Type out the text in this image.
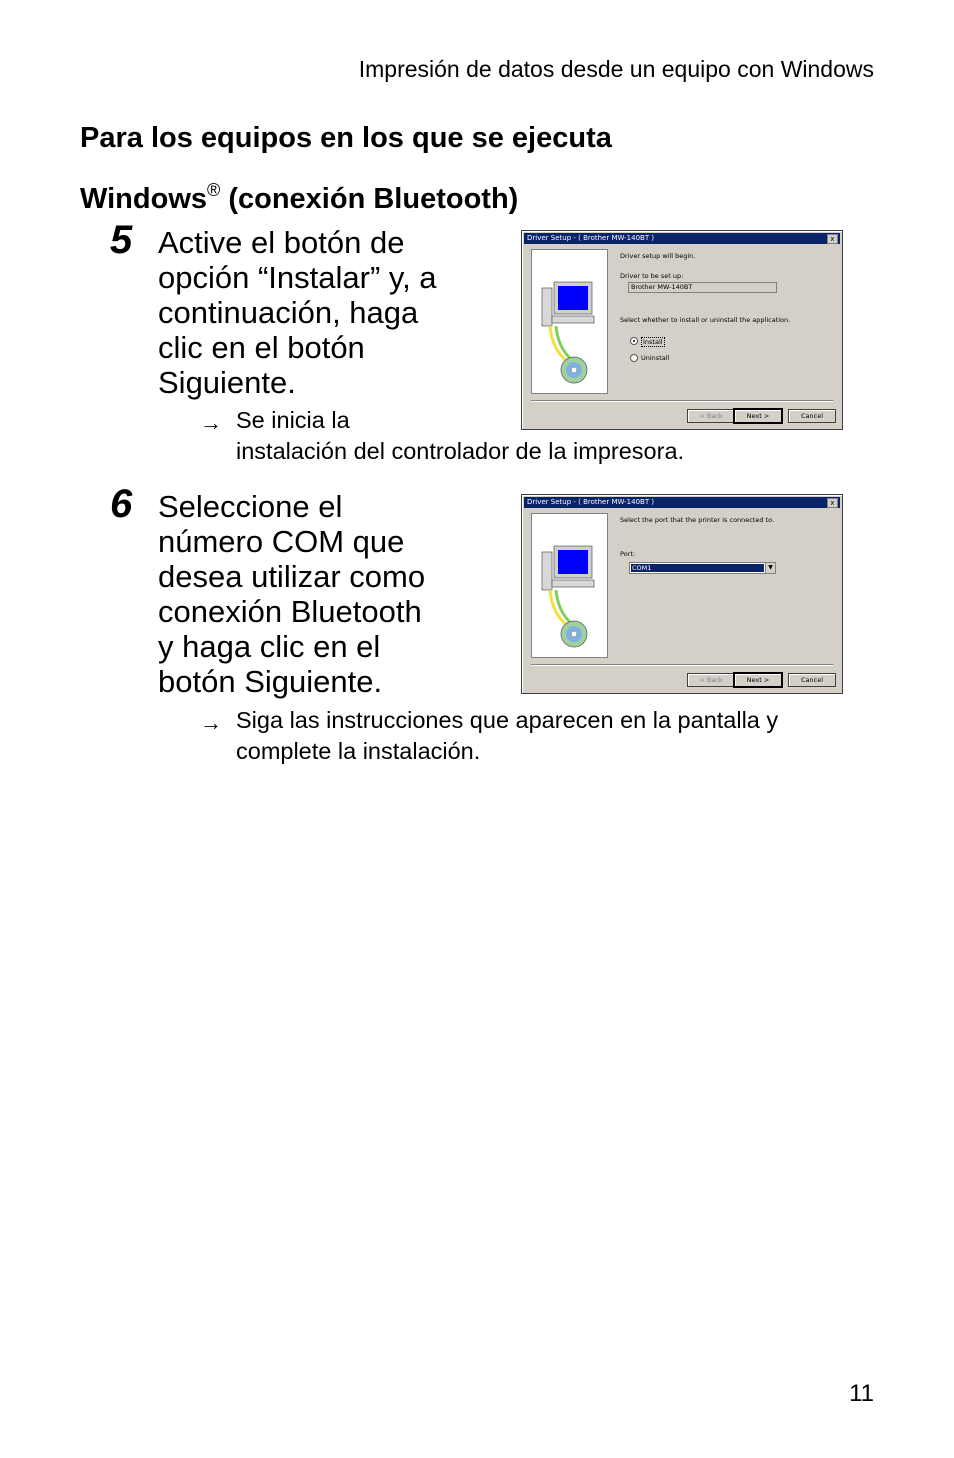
Impresión de datos desde un equipo con Windows
Para los equipos en los que se ejecuta
Windows® (conexión Bluetooth)
5 Active el botón de
opción “Instalar” y, a
continuación, haga
clic en el botón
Siguiente.
→ Se inicia la
instalación del controlador de la impresora.
Driver Setup - ( Brother MW-140BT )	x
Driver setup will begin.
Driver to be set up:
Brother MW-140BT
Select whether to install or uninstall the application.
Install
Uninstall
< Back	Next >	Cancel
6 Seleccione el
número COM que
desea utilizar como
conexión Bluetooth
y haga clic en el
botón Siguiente.
→ Siga las instrucciones que aparecen en la pantalla y
complete la instalación.
Driver Setup - ( Brother MW-140BT )	x
Select the port that the printer is connected to.
Port:
COM1	▼
< Back	Next >	Cancel
11
